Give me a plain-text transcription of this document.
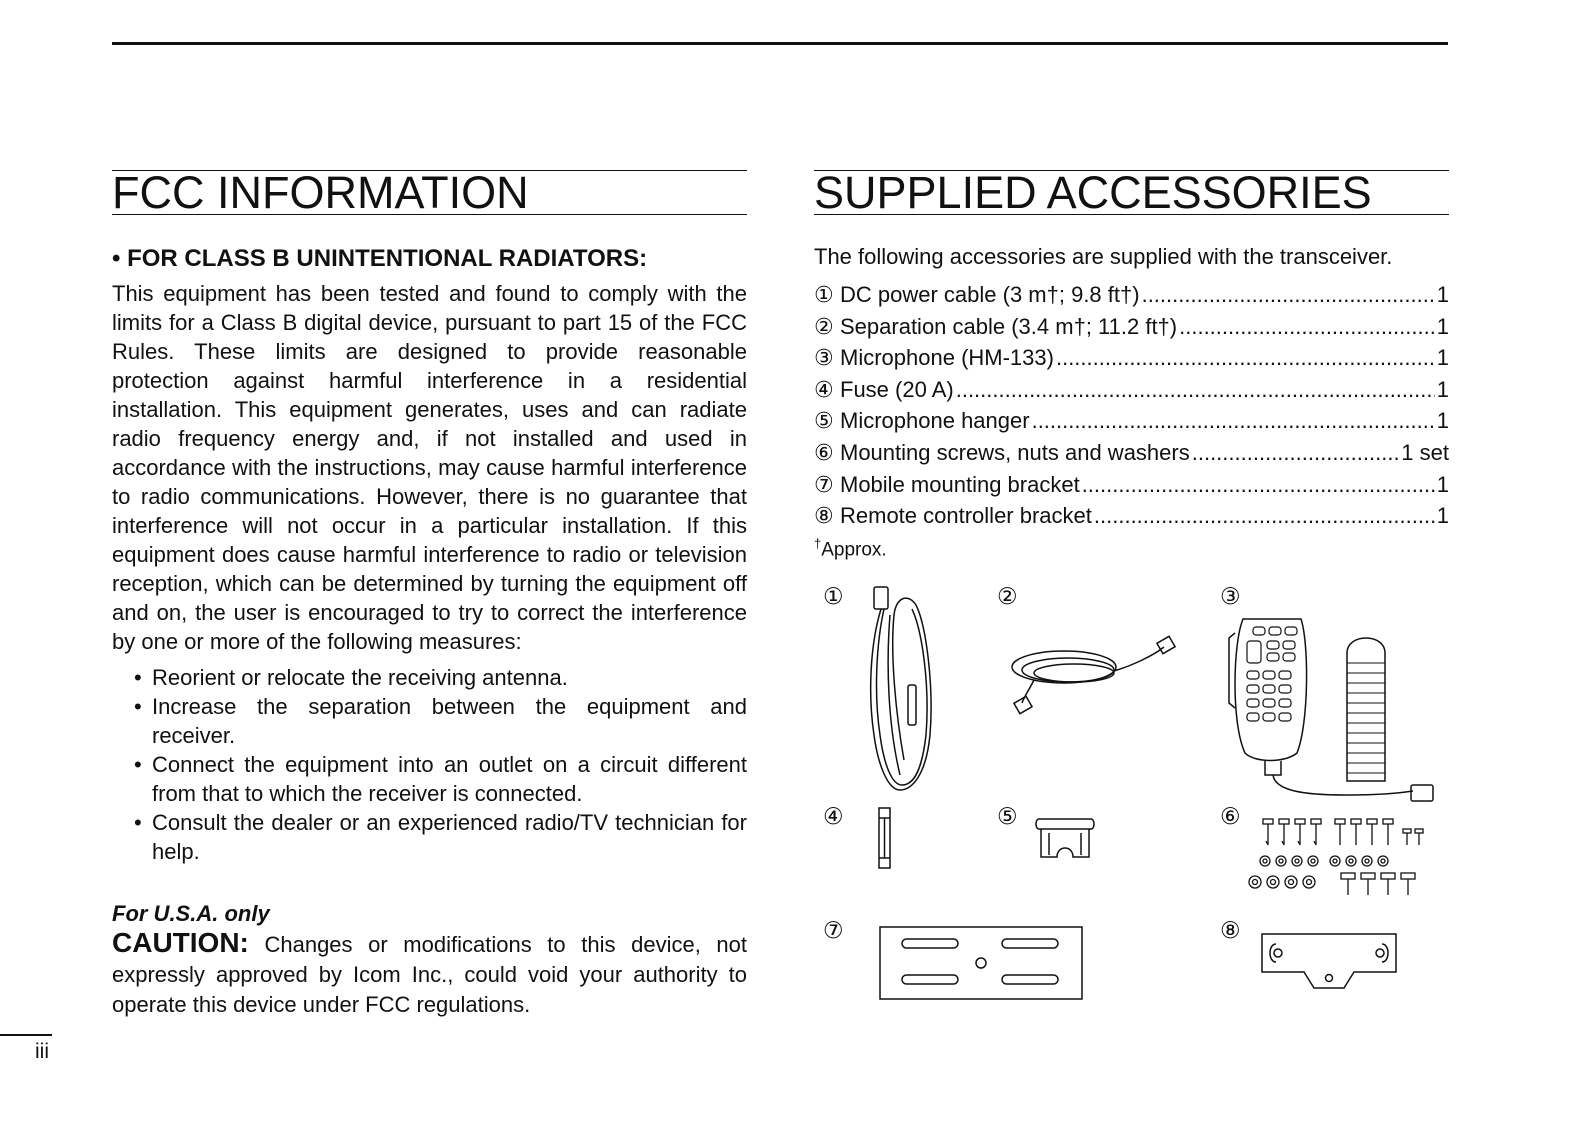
FCC INFORMATION
• FOR CLASS B UNINTENTIONAL RADIATORS:
This equipment has been tested and found to comply with the limits for a Class B digital device, pursuant to part 15 of the FCC Rules. These limits are designed to provide reasonable protection against harmful interference in a residential installation. This equipment generates, uses and can radiate radio frequency energy and, if not installed and used in accordance with the instructions, may cause harmful interference to radio communications. However, there is no guarantee that interference will not occur in a particular installation. If this equipment does cause harmful interference to radio or television reception, which can be determined by turning the equipment off and on, the user is encouraged to try to correct the interference by one or more of the following measures:
• Reorient or relocate the receiving antenna.
• Increase the separation between the equipment and receiver.
• Connect the equipment into an outlet on a circuit different from that to which the receiver is connected.
• Consult the dealer or an experienced radio/TV technician for help.
For U.S.A. only
CAUTION: Changes or modifications to this device, not expressly approved by Icom Inc., could void your authority to operate this device under FCC regulations.
SUPPLIED ACCESSORIES
The following accessories are supplied with the transceiver.
① DC power cable (3 m†; 9.8 ft†) .....	1
② Separation cable (3.4 m†; 11.2 ft†) .....	1
③ Microphone (HM-133) .....	1
④ Fuse (20 A) .....	1
⑤ Microphone hanger .....	1
⑥ Mounting screws, nuts and washers .....	1 set
⑦ Mobile mounting bracket .....	1
⑧ Remote controller bracket .....	1
†Approx.
①	②	③
④	⑤	⑥
⑦	⑧
iii
